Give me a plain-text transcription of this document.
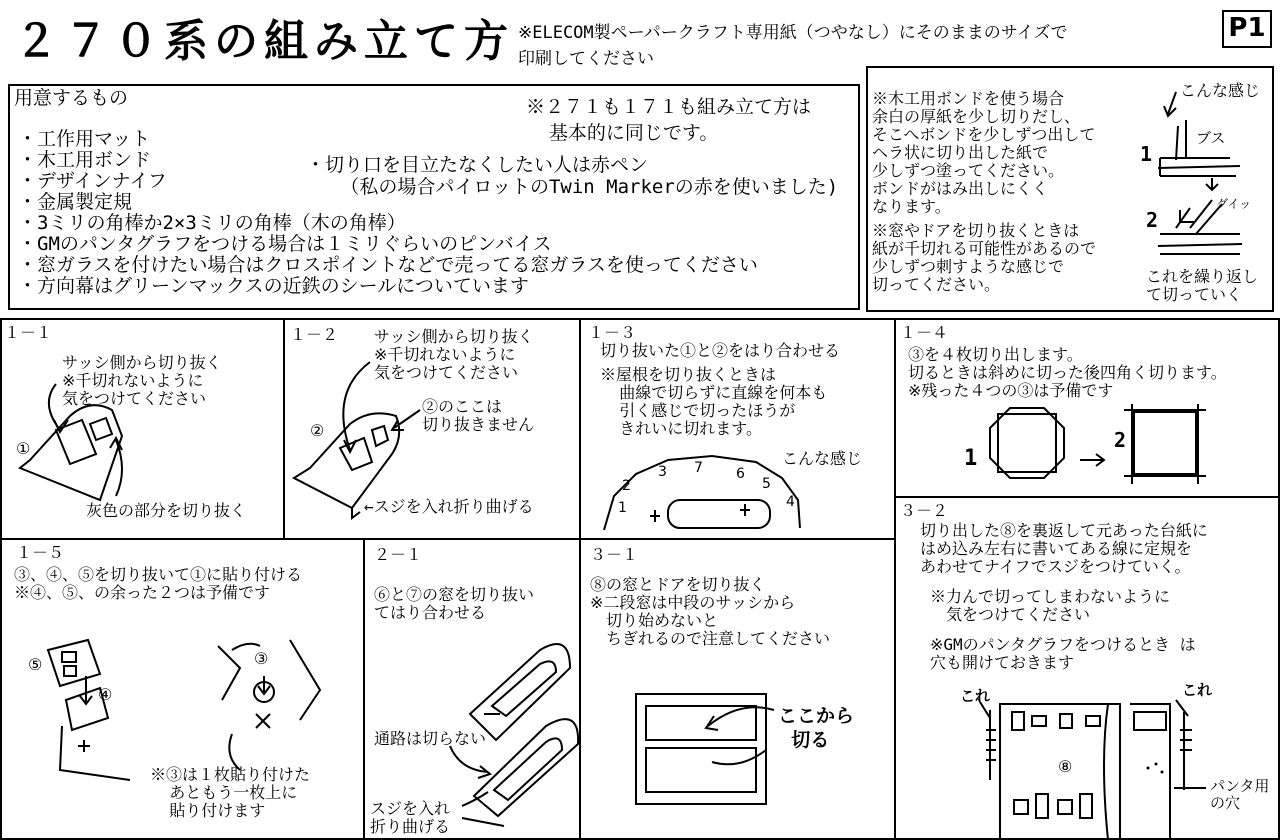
２７０系の組み立て方 ※ELECOM製ペーパークラフト専用紙（つやなし）にそのままのサイズで
印刷してください
P1
用意するもの
・工作用マット
・木工用ボンド
・デザインナイフ
・金属製定規
・3ミリの角棒か2×3ミリの角棒（木の角棒）
・GMのパンタグラフをつける場合は１ミリぐらいのピンバイス
・窓ガラスを付けたい場合はクロスポイントなどで売ってる窓ガラスを使ってください
・方向幕はグリーンマックスの近鉄のシールについています
※２７１も１７１も組み立て方は
基本的に同じです。
・切り口を目立たなくしたい人は赤ペン
（私の場合パイロットのTwin Markerの赤を使いました)
※木工用ボンドを使う場合
余白の厚紙を少し切りだし、
そこへボンドを少しずつ出して
ヘラ状に切り出した紙で
少しずつ塗ってください。
ボンドがはみ出しにくく
なります。
※窓やドアを切り抜くときは
紙が千切れる可能性があるので
少しずつ刺すような感じで
切ってください。
こんな感じ
これを繰り返し
て切っていく
ブス
グイッ
1
2
１－１
サッシ側から切り抜く
※千切れないように
気をつけてください
①
灰色の部分を切り抜く
１－２ サッシ側から切り抜く
※千切れないように
気をつけてください
②
②のここは
切り抜きません
←スジを入れ折り曲げる
１－３
切り抜いた①と②をはり合わせる
※屋根を切り抜くときは
曲線で切らずに直線を何本も
引く感じで切ったほうが
きれいに切れます。
こんな感じ
１－４
③を４枚切り出します。
切るときは斜めに切った後四角く切ります。
※残った４つの③は予備です
1
2
３－２
切り出した⑧を裏返して元あった台紙に
はめ込み左右に書いてある線に定規を
あわせてナイフでスジをつけていく。
※力んで切ってしまわないように
　気をつけてください
※GMのパンタグラフをつけるとき は
穴も開けておきます
これ	これ
⑧
パンタ用
の穴
１－５
③、④、⑤を切り抜いて①に貼り付ける
※④、⑤、の余った２つは予備です
⑤
④
③
※③は１枚貼り付けた
あともう一枚上に
貼り付けます
２－１
⑥と⑦の窓を切り抜い
てはり合わせる
通路は切らない
スジを入れ
折り曲げる
３－１
⑧の窓とドアを切り抜く
※二段窓は中段のサッシから
　切り始めないと
　ちぎれるので注意してください
ここから
切る
1
2
3 7 6
5
4
